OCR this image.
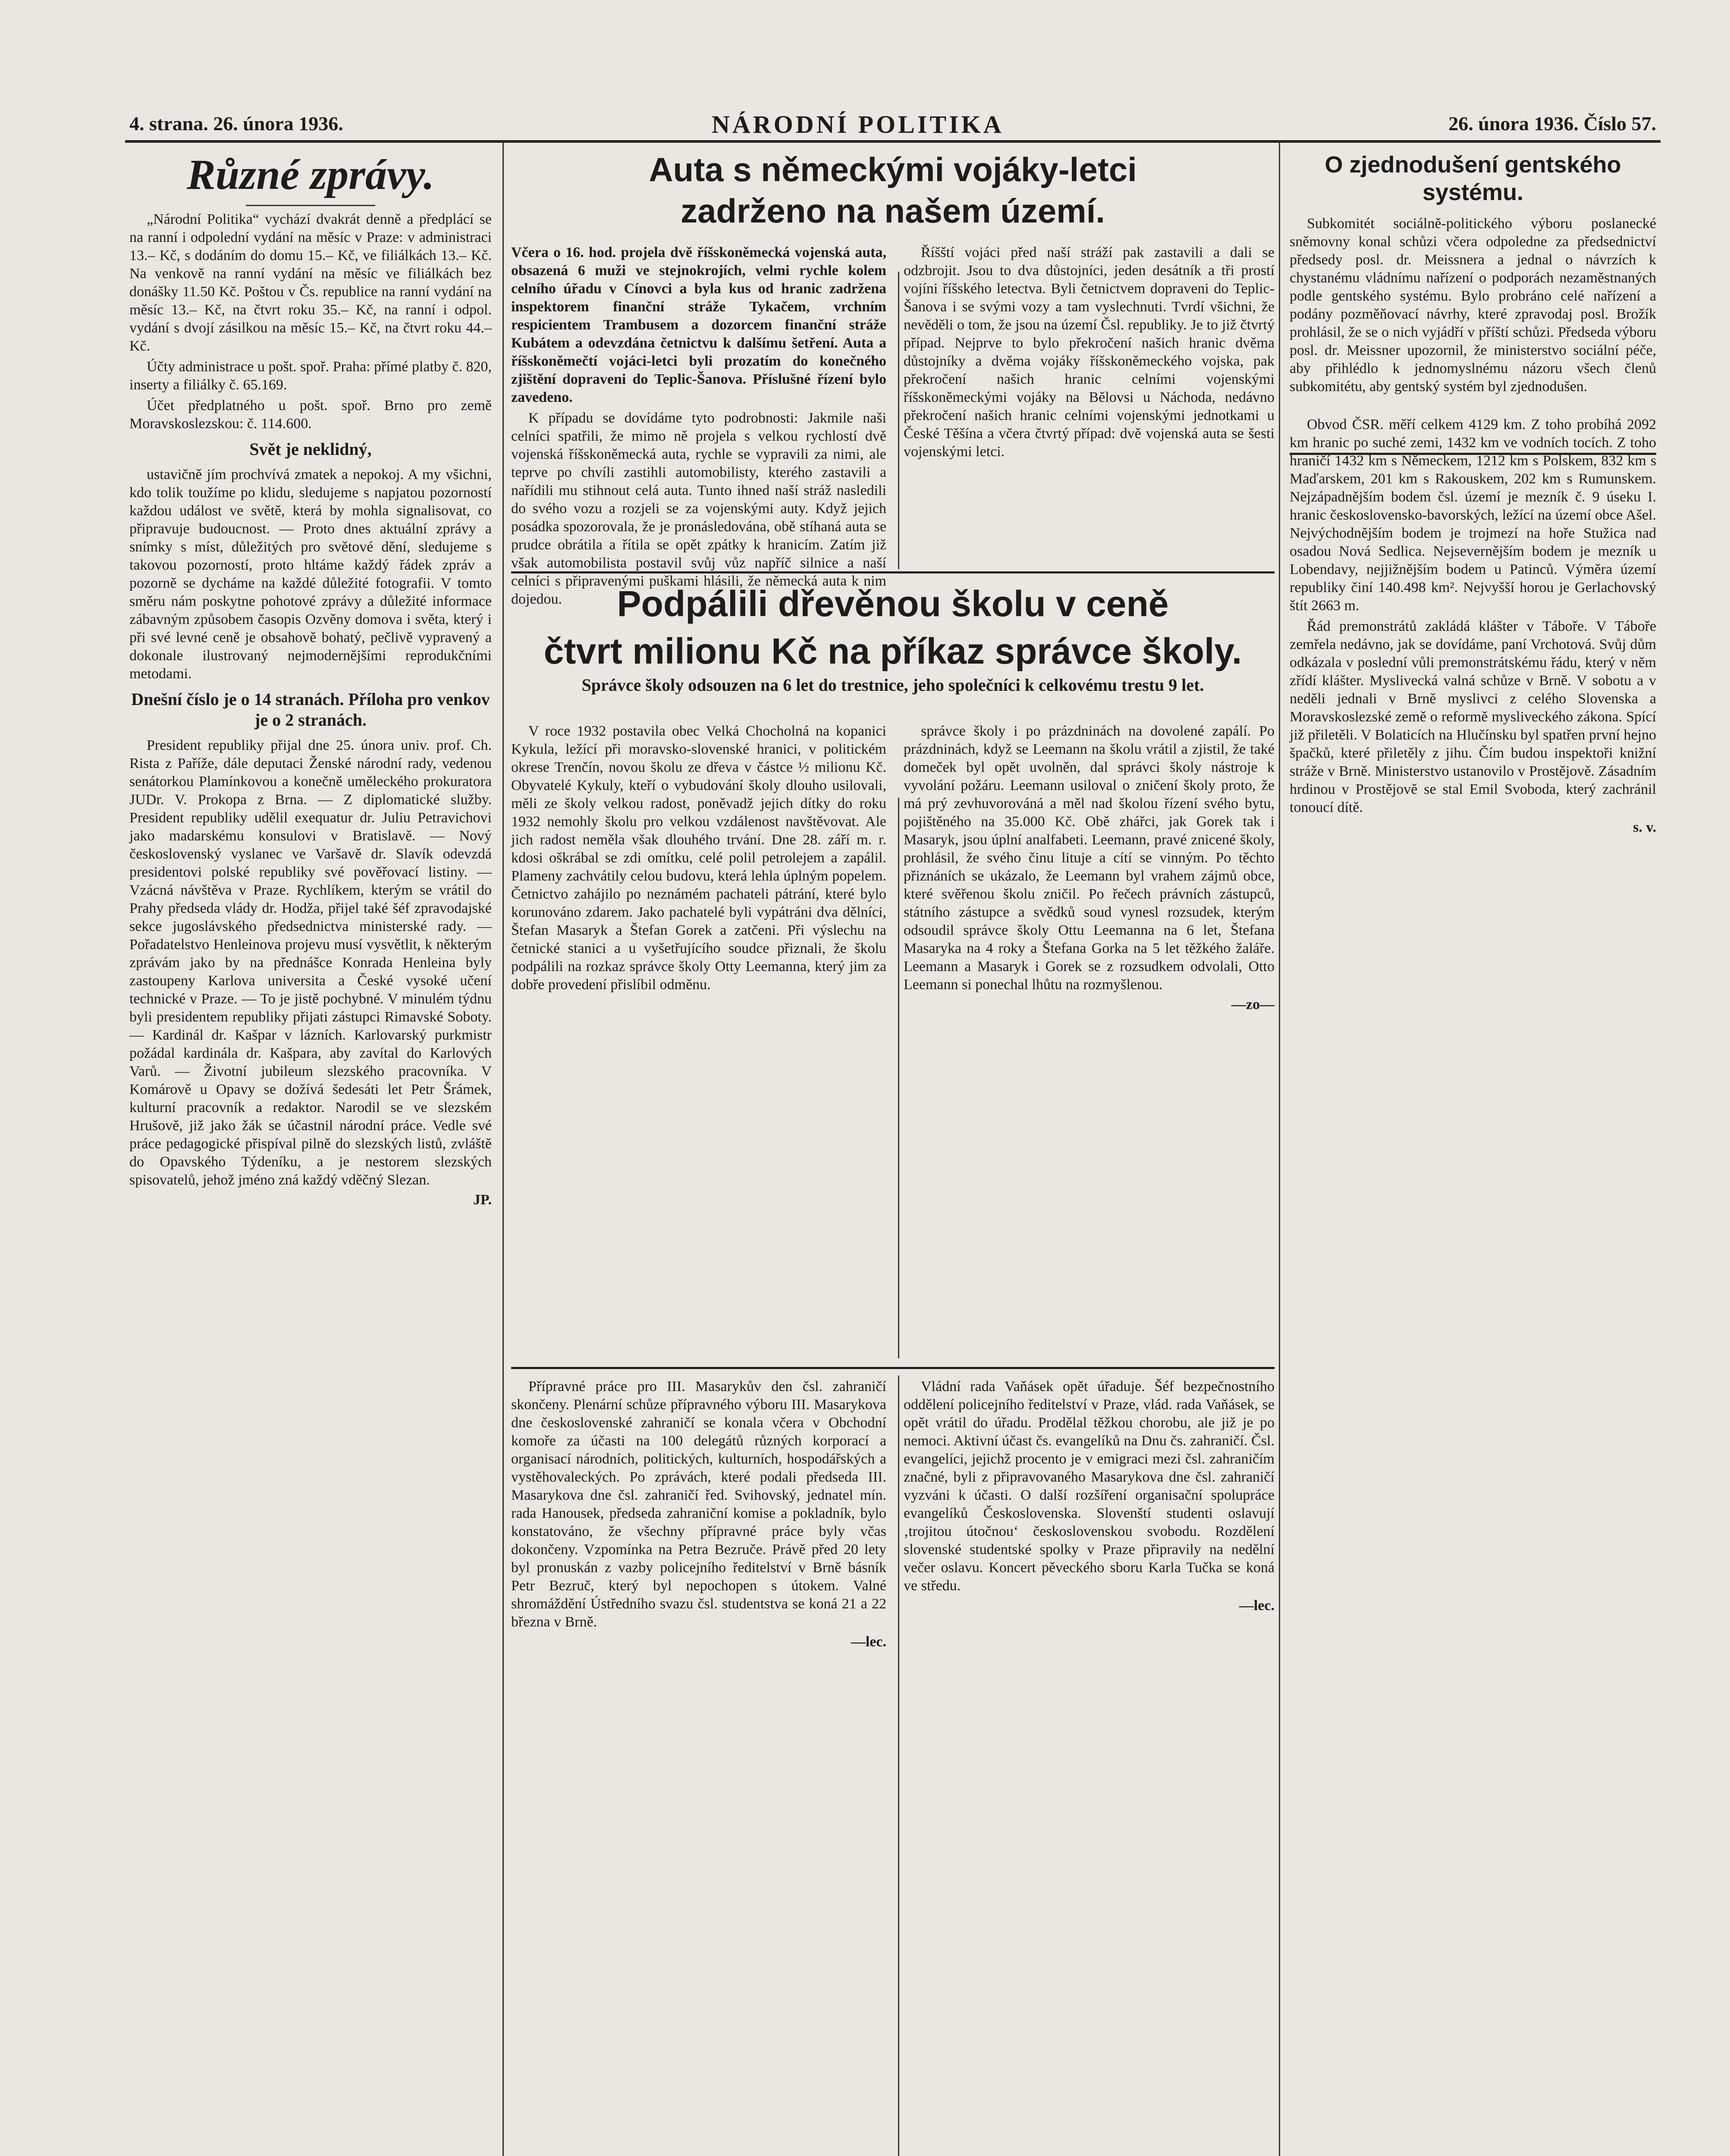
4. strana. 26. února 1936.	NÁRODNÍ POLITIKA	26. února 1936. Číslo 57.
Různé zprávy.

„Národní Politika“ vychází dvakrát denně a předplácí se na ranní i odpolední vydání na měsíc v Praze: v administraci 13.– Kč, s dodáním do domu 15.– Kč, ve filiálkách 13.– Kč. Na venkově na ranní vydání na měsíc ve filiálkách bez donášky 11.50 Kč. Poštou v Čs. republice na ranní vydání na měsíc 13.– Kč, na čtvrt roku 35.– Kč, na ranní i odpol. vydání s dvojí zásilkou na měsíc 15.– Kč, na čtvrt roku 44.– Kč.

Účty administrace u pošt. spoř. Praha: přímé platby č. 820, inserty a filiálky č. 65.169.

Účet předplatného u pošt. spoř. Brno pro země Moravskoslezskou: č. 114.600.

Svět je neklidný,

ustavičně jím prochvívá zmatek a nepokoj. A my všichni, kdo tolik toužíme po klidu, sledujeme s napjatou pozorností každou událost ve světě, která by mohla signalisovat, co připravuje budoucnost. — Proto dnes aktuální zprávy a snímky s míst, důležitých pro světové dění, sledujeme s takovou pozorností, proto hltáme každý řádek zpráv a pozorně se dycháme na každé důležité fotografii. V tomto směru nám poskytne pohotové zprávy a důležité informace zábavným způsobem časopis Ozvěny domova i světa, který i při své levné ceně je obsahově bohatý, pečlivě vypravený a dokonale ilustrovaný nejmodernějšími reprodukčními metodami.

Dnešní číslo je o 14 stranách. Příloha pro venkov je o 2 stranách.

President republiky přijal dne 25. února univ. prof. Ch. Rista z Paříže, dále deputaci Ženské národní rady, vedenou senátorkou Plamínkovou a konečně uměleckého prokuratora JUDr. V. Prokopa z Brna. — Z diplomatické služby. President republiky udělil exequatur dr. Juliu Petravichovi jako madarskému konsulovi v Bratislavě. — Nový československý vyslanec ve Varšavě dr. Slavík odevzdá presidentovi polské republiky své pověřovací listiny. — Vzácná návštěva v Praze. Rychlíkem, kterým se vrátil do Prahy předseda vlády dr. Hodža, přijel také šéf zpravodajské sekce jugoslávského předsednictva ministerské rady. — Pořadatelstvo Henleinova projevu musí vysvětlit, k některým zprávám jako by na přednášce Konrada Henleina byly zastoupeny Karlova universita a České vysoké učení technické v Praze. — To je jistě pochybné. V minulém týdnu byli presidentem republiky přijati zástupci Rimavské Soboty. — Kardinál dr. Kašpar v lázních. Karlovarský purkmistr požádal kardinála dr. Kašpara, aby zavítal do Karlových Varů. — Životní jubileum slezského pracovníka. V Komárově u Opavy se dožívá šedesáti let Petr Šrámek, kulturní pracovník a redaktor. Narodil se ve slezském Hrušově, již jako žák se účastnil národní práce. Vedle své práce pedagogické přispíval pilně do slezských listů, zvláště do Opavského Týdeníku, a je nestorem slezských spisovatelů, jehož jméno zná každý vděčný Slezan.

JP.
Auta s německými vojáky-letci
zadrženo na našem území.

Včera o 16. hod. projela dvě říšskoněmecká vojenská auta, obsazená 6 muži ve stejnokrojích, velmi rychle kolem celního úřadu v Cínovci a byla kus od hranic zadržena inspektorem finanční stráže Tykačem, vrchním respicientem Trambusem a dozorcem finanční stráže Kubátem a odevzdána četnictvu k dalšímu šetření. Auta a říšskoněmečtí vojáci-letci byli prozatím do konečného zjištění dopraveni do Teplic-Šanova. Příslušné řízení bylo zavedeno.

K případu se dovídáme tyto podrobnosti: Jakmile naši celníci spatřili, že mimo ně projela s velkou rychlostí dvě vojenská říšskoněmecká auta, rychle se vypravili za nimi, ale teprve po chvíli zastihli automobilisty, kterého zastavili a nařídili mu stihnout celá auta. Tunto ihned naší stráž nasledili do svého vozu a rozjeli se za vojenskými auty. Když jejich posádka spozorovala, že je pronásledována, obě stíhaná auta se prudce obrátila a řítila se opět zpátky k hranicím. Zatím již však automobilista postavil svůj vůz napříč silnice a naší celníci s připravenými puškami hlásili, že německá auta k nim dojedou.

Říšští vojáci před naší stráží pak zastavili a dali se odzbrojit. Jsou to dva důstojníci, jeden desátník a tři prostí vojíni říšského letectva. Byli četnictvem dopraveni do Teplic-Šanova i se svými vozy a tam vyslechnuti. Tvrdí všichni, že nevěděli o tom, že jsou na území Čsl. republiky. Je to již čtvrtý případ. Nejprve to bylo překročení našich hranic dvěma důstojníky a dvěma vojáky říšskoněmeckého vojska, pak překročení našich hranic celními vojenskými říšskoněmeckými vojáky na Bělovsi u Náchoda, nedávno překročení našich hranic celními vojenskými jednotkami u České Těšína a včera čtvrtý případ: dvě vojenská auta se šesti vojenskými letci.

Podpálili dřevěnou školu v ceně
čtvrt milionu Kč na příkaz správce školy.
Správce školy odsouzen na 6 let do trestnice, jeho společníci k celkovému trestu 9 let.

V roce 1932 postavila obec Velká Chocholná na kopanici Kykula, ležící při moravsko-slovenské hranici, v politickém okrese Trenčín, novou školu ze dřeva v částce ½ milionu Kč. Obyvatelé Kykuly, kteří o vybudování školy dlouho usilovali, měli ze školy velkou radost, poněvadž jejich dítky do roku 1932 nemohly školu pro velkou vzdálenost navštěvovat. Ale jich radost neměla však dlouhého trvání. Dne 28. září m. r. kdosi oškrábal se zdi omítku, celé polil petrolejem a zapálil. Plameny zachvátily celou budovu, která lehla úplným popelem. Četnictvo zahájilo po neznámém pachateli pátrání, které bylo korunováno zdarem. Jako pachatelé byli vypátráni dva dělníci, Štefan Masaryk a Štefan Gorek a zatčeni. Při výslechu na četnické stanici a u vyšetřujícího soudce přiznali, že školu podpálili na rozkaz správce školy Otty Leemanna, který jim za dobře provedení přislíbil odměnu.

správce školy i po prázdninách na dovolené zapálí. Po prázdninách, když se Leemann na školu vrátil a zjistil, že také domeček byl opět uvolněn, dal správci školy nástroje k vyvolání požáru. Leemann usiloval o zničení školy proto, že má prý zevhuvorováná a měl nad školou řízení svého bytu, pojištěného na 35.000 Kč. Obě zhářci, jak Gorek tak i Masaryk, jsou úplní analfabeti. Leemann, pravé znicené školy, prohlásil, že svého činu lituje a cítí se vinným. Po těchto přiznáních se ukázalo, že Leemann byl vrahem zájmů obce, které svěřenou školu zničil. Po řečech právních zástupců, státního zástupce a svědků soud vynesl rozsudek, kterým odsoudil správce školy Ottu Leemanna na 6 let, Štefana Masaryka na 4 roky a Štefana Gorka na 5 let těžkého žaláře. Leemann a Masaryk i Gorek se z rozsudkem odvolali, Otto Leemann si ponechal lhůtu na rozmyšlenou.

—zo—

Přípravné práce pro III. Masarykův den čsl. zahraničí skončeny. Plenární schůze přípravného výboru III. Masarykova dne československé zahraničí se konala včera v Obchodní komoře za účasti na 100 delegátů různých korporací a organisací národních, politických, kulturních, hospodářských a vystěhovaleckých. Po zprávách, které podali předseda III. Masarykova dne čsl. zahraničí řed. Svihovský, jednatel mín. rada Hanousek, předseda zahraniční komise a pokladník, bylo konstatováno, že všechny přípravné práce byly včas dokončeny. Vzpomínka na Petra Bezruče. Právě před 20 lety byl pronuskán z vazby policejního ředitelství v Brně básník Petr Bezruč, který byl nepochopen s útokem. Valné shromáždění Ústředního svazu čsl. studentstva se koná 21 a 22 března v Brně.

—lec.

Vládní rada Vaňásek opět úřaduje. Šéf bezpečnostního oddělení policejního ředitelství v Praze, vlád. rada Vaňásek, se opět vrátil do úřadu. Prodělal těžkou chorobu, ale již je po nemoci. Aktivní účast čs. evangelíků na Dnu čs. zahraničí. Čsl. evangelíci, jejichž procento je v emigraci mezi čsl. zahraničím značné, byli z připravovaného Masarykova dne čsl. zahraničí vyzváni k účasti. O další rozšíření organisační spolupráce evangelíků Československa. Slovenští studenti oslavují ‚trojitou útočnou‘ československou svobodu. Rozdělení slovenské studentské spolky v Praze připravily na nedělní večer oslavu. Koncert pěveckého sboru Karla Tučka se koná ve středu.

—lec.
O zjednodušení gentského systému.

Subkomitét sociálně-politického výboru poslanecké sněmovny konal schůzi včera odpoledne za předsednictví předsedy posl. dr. Meissnera a jednal o návrzích k chystanému vládnímu nařízení o podporách nezaměstnaných podle gentského systému. Bylo probráno celé nařízení a podány pozměňovací návrhy, které zpravodaj posl. Brožík prohlásil, že se o nich vyjádří v příští schůzi. Předseda výboru posl. dr. Meissner upozornil, že ministerstvo sociální péče, aby přihlédlo k jednomyslnému názoru všech členů subkomitétu, aby gentský systém byl zjednodušen.

Obvod ČSR. měří celkem 4129 km. Z toho probíhá 2092 km hranic po suché zemi, 1432 km ve vodních tocích. Z toho hraničí 1432 km s Německem, 1212 km s Polskem, 832 km s Maďarskem, 201 km s Rakouskem, 202 km s Rumunskem. Nejzápadnějším bodem čsl. území je mezník č. 9 úseku I. hranic československo-bavorských, ležící na území obce Ašel. Nejvýchodnějším bodem je trojmezí na hoře Stužica nad osadou Nová Sedlica. Nejsevernějším bodem je mezník u Lobendavy, nejjižnějším bodem u Patinců. Výměra území republiky činí 140.498 km². Nejvyšší horou je Gerlachovský štít 2663 m.

Řád premonstrátů zakládá klášter v Táboře. V Táboře zemřela nedávno, jak se dovídáme, paní Vrchotová. Svůj dům odkázala v poslední vůli premonstrátskému řádu, který v něm zřídí klášter. Myslivecká valná schůze v Brně. V sobotu a v neděli jednali v Brně myslivci z celého Slovenska a Moravskoslezské země o reformě mysliveckého zákona. Spící již přiletěli. V Bolaticích na Hlučínsku byl spatřen první hejno špačků, které přiletěly z jihu. Čím budou inspektoři knižní stráže v Brně. Ministerstvo ustanovilo v Prostějově. Zásadním hrdinou v Prostějově se stal Emil Svoboda, který zachránil tonoucí dítě.

s. v.
